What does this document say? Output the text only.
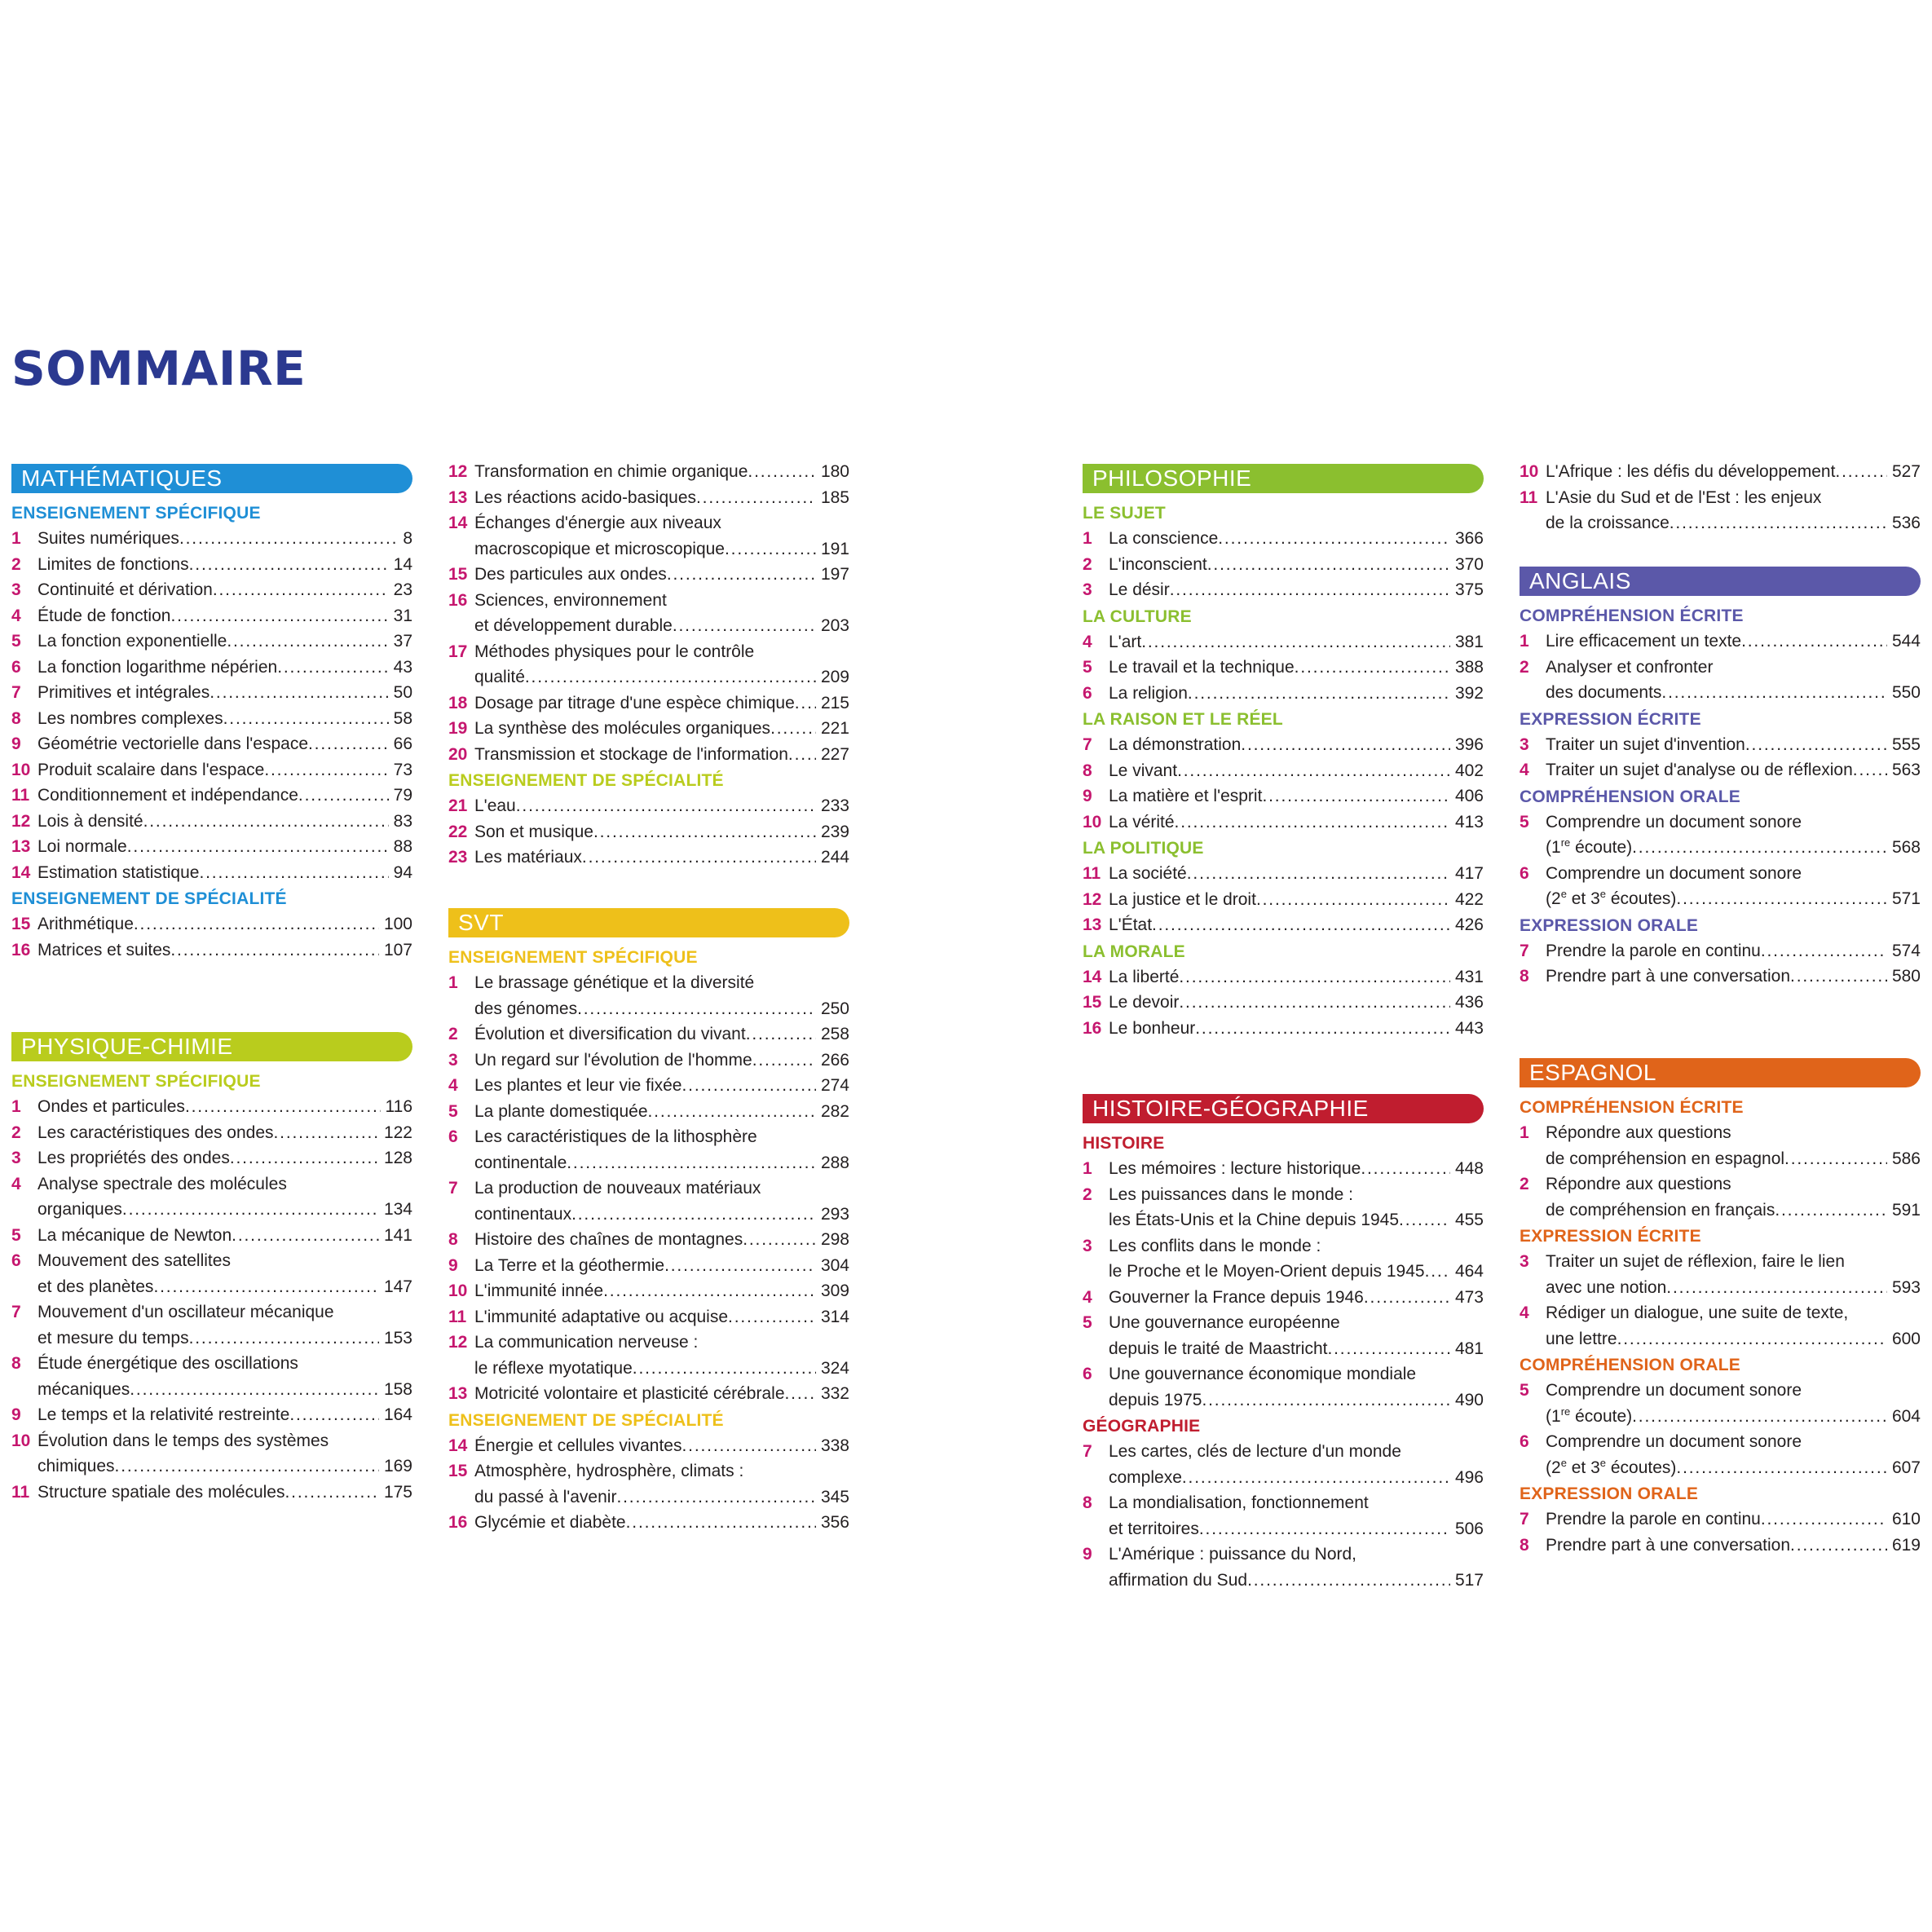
SOMMAIRE
MATHÉMATIQUES
ENSEIGNEMENT SPÉCIFIQUE
1 Suites numériques . . .	8
2 Limites de fonctions . . .	14
3 Continuité et dérivation . . .	23
4 Étude de fonction . . .	31
5 La fonction exponentielle . . .	37
6 La fonction logarithme népérien . . .	43
7 Primitives et intégrales . . .	50
8 Les nombres complexes . . .	58
9 Géométrie vectorielle dans l'espace . . .	66
10 Produit scalaire dans l'espace . . .	73
11 Conditionnement et indépendance . . .	79
12 Lois à densité . . .	83
13 Loi normale . . .	88
14 Estimation statistique . . .	94
ENSEIGNEMENT DE SPÉCIALITÉ
15 Arithmétique . . .	100
16 Matrices et suites . . .	107
PHYSIQUE-CHIMIE
ENSEIGNEMENT SPÉCIFIQUE
1 Ondes et particules . . .	116
2 Les caractéristiques des ondes . . .	122
3 Les propriétés des ondes . . .	128
4 Analyse spectrale des molécules
organiques . . .	134
5 La mécanique de Newton . . .	141
6 Mouvement des satellites
et des planètes . . .	147
7 Mouvement d'un oscillateur mécanique
et mesure du temps . . .	153
8 Étude énergétique des oscillations
mécaniques . . .	158
9 Le temps et la relativité restreinte . . .	164
10 Évolution dans le temps des systèmes
chimiques . . .	169
11 Structure spatiale des molécules . . .	175
12 Transformation en chimie organique . . .	180
13 Les réactions acido-basiques . . .	185
14 Échanges d'énergie aux niveaux
macroscopique et microscopique . . .	191
15 Des particules aux ondes . . .	197
16 Sciences, environnement
et développement durable . . .	203
17 Méthodes physiques pour le contrôle
qualité . . .	209
18 Dosage par titrage d'une espèce chimique . . . 215
19 La synthèse des molécules organiques . . .	221
20 Transmission et stockage de l'information . . . 227
ENSEIGNEMENT DE SPÉCIALITÉ
21 L'eau . . .	233
22 Son et musique . . .	239
23 Les matériaux . . .	244
SVT
ENSEIGNEMENT SPÉCIFIQUE
1 Le brassage génétique et la diversité
des génomes . . .	250
2 Évolution et diversification du vivant . . .	258
3 Un regard sur l'évolution de l'homme . . .	266
4 Les plantes et leur vie fixée . . .	274
5 La plante domestiquée . . .	282
6 Les caractéristiques de la lithosphère
continentale . . .	288
7 La production de nouveaux matériaux
continentaux . . .	293
8 Histoire des chaînes de montagnes . . .	298
9 La Terre et la géothermie . . .	304
10 L'immunité innée . . .	309
11 L'immunité adaptative ou acquise . . .	314
12 La communication nerveuse :
le réflexe myotatique . . .	324
13 Motricité volontaire et plasticité cérébrale . . . 332
ENSEIGNEMENT DE SPÉCIALITÉ
14 Énergie et cellules vivantes . . .	338
15 Atmosphère, hydrosphère, climats :
du passé à l'avenir . . .	345
16 Glycémie et diabète . . .	356
PHILOSOPHIE
LE SUJET
1 La conscience . . .	366
2 L'inconscient . . .	370
3 Le désir . . .	375
LA CULTURE
4 L'art . . .	381
5 Le travail et la technique . . .	388
6 La religion . . .	392
LA RAISON ET LE RÉEL
7 La démonstration . . .	396
8 Le vivant . . .	402
9 La matière et l'esprit . . .	406
10 La vérité . . .	413
LA POLITIQUE
11 La société . . .	417
12 La justice et le droit . . .	422
13 L'État . . .	426
LA MORALE
14 La liberté . . .	431
15 Le devoir . . .	436
16 Le bonheur . . .	443
HISTOIRE-GÉOGRAPHIE
HISTOIRE
1 Les mémoires : lecture historique . . .	448
2 Les puissances dans le monde :
les États-Unis et la Chine depuis 1945 . . .	455
3 Les conflits dans le monde :
le Proche et le Moyen-Orient depuis 1945 . . . 464
4 Gouverner la France depuis 1946 . . .	473
5 Une gouvernance européenne
depuis le traité de Maastricht . . .	481
6 Une gouvernance économique mondiale
depuis 1975 . . .	490
GÉOGRAPHIE
7 Les cartes, clés de lecture d'un monde
complexe . . .	496
8 La mondialisation, fonctionnement
et territoires . . .	506
9 L'Amérique : puissance du Nord,
affirmation du Sud . . .	517
10 L'Afrique : les défis du développement . . .	527
11 L'Asie du Sud et de l'Est : les enjeux
de la croissance . . .	536
ANGLAIS
COMPRÉHENSION ÉCRITE
1 Lire efficacement un texte . . .	544
2 Analyser et confronter
des documents . . .	550
EXPRESSION ÉCRITE
3 Traiter un sujet d'invention . . .	555
4 Traiter un sujet d'analyse ou de réflexion . . . 563
COMPRÉHENSION ORALE
5 Comprendre un document sonore
(1re écoute) . . .	568
6 Comprendre un document sonore
(2e et 3e écoutes) . . .	571
EXPRESSION ORALE
7 Prendre la parole en continu . . .	574
8 Prendre part à une conversation . . .	580
ESPAGNOL
COMPRÉHENSION ÉCRITE
1 Répondre aux questions
de compréhension en espagnol . . .	586
2 Répondre aux questions
de compréhension en français . . .	591
EXPRESSION ÉCRITE
3 Traiter un sujet de réflexion, faire le lien
avec une notion . . .	593
4 Rédiger un dialogue, une suite de texte,
une lettre . . .	600
COMPRÉHENSION ORALE
5 Comprendre un document sonore
(1re écoute) . . .	604
6 Comprendre un document sonore
(2e et 3e écoutes) . . .	607
EXPRESSION ORALE
7 Prendre la parole en continu . . .	610
8 Prendre part à une conversation . . .	619
